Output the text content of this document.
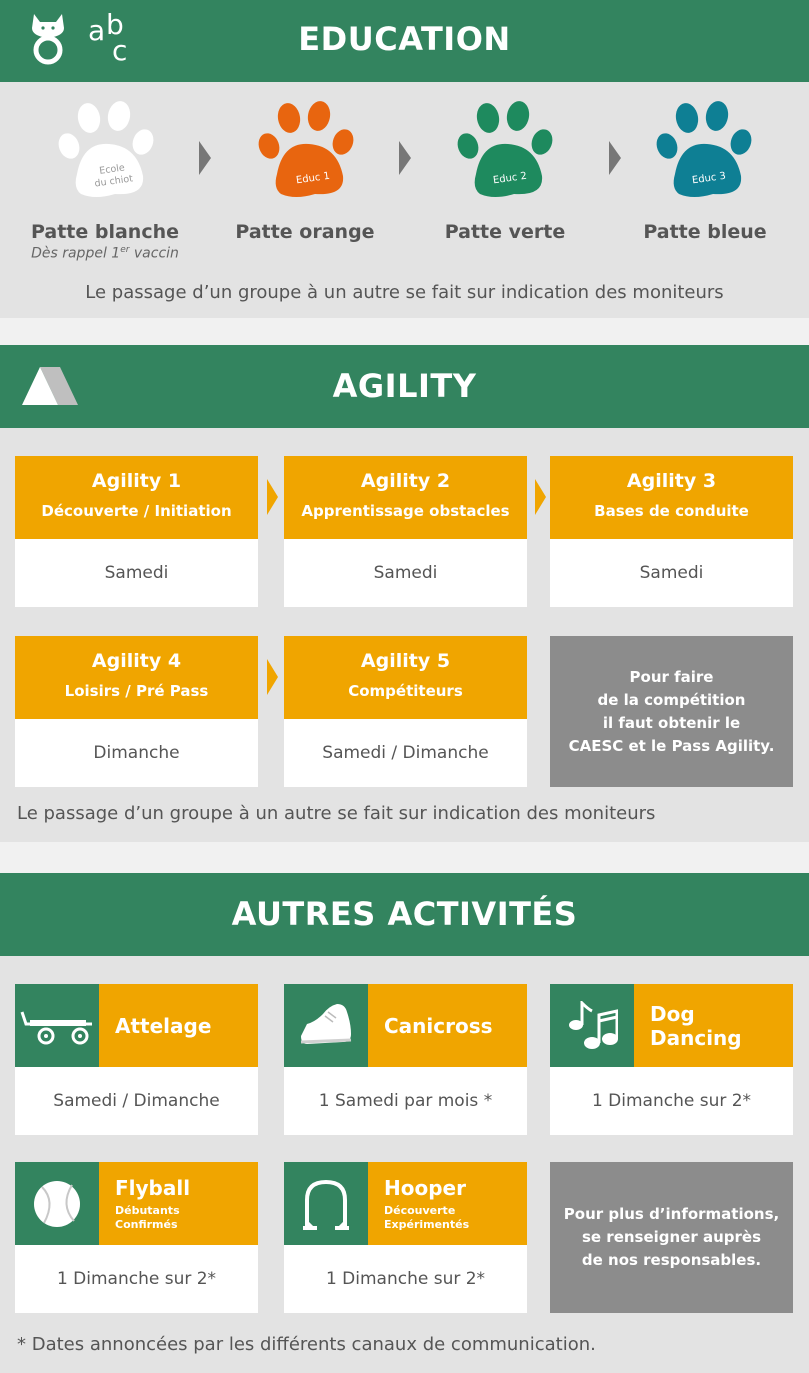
a b
c	EDUCATION
Ecole
du chiot	Educ 1	Educ 2	Educ 3
Patte blanche
Dès rappel 1er vaccin
Patte orange	Patte verte	Patte bleue
Le passage d’un groupe à un autre se fait sur indication des moniteurs
AGILITY
Agility 1
Découverte / Initiation
Samedi
Agility 2
Apprentissage obstacles
Samedi
Agility 3
Bases de conduite
Samedi
Agility 4
Loisirs / Pré Pass
Dimanche
Agility 5
Compétiteurs
Samedi / Dimanche
Pour faire
de la compétition
il faut obtenir le
CAESC et le Pass Agility.
Le passage d’un groupe à un autre se fait sur indication des moniteurs
AUTRES ACTIVITÉS
Attelage
Samedi / Dimanche
Canicross
1 Samedi par mois *
Dog Dancing
1 Dimanche sur 2*
Flyball
Débutants
Confirmés
1 Dimanche sur 2*
Hooper
Découverte
Expérimentés
1 Dimanche sur 2*
Pour plus d’informations,
se renseigner auprès
de nos responsables.
* Dates annoncées par les différents canaux de communication.
